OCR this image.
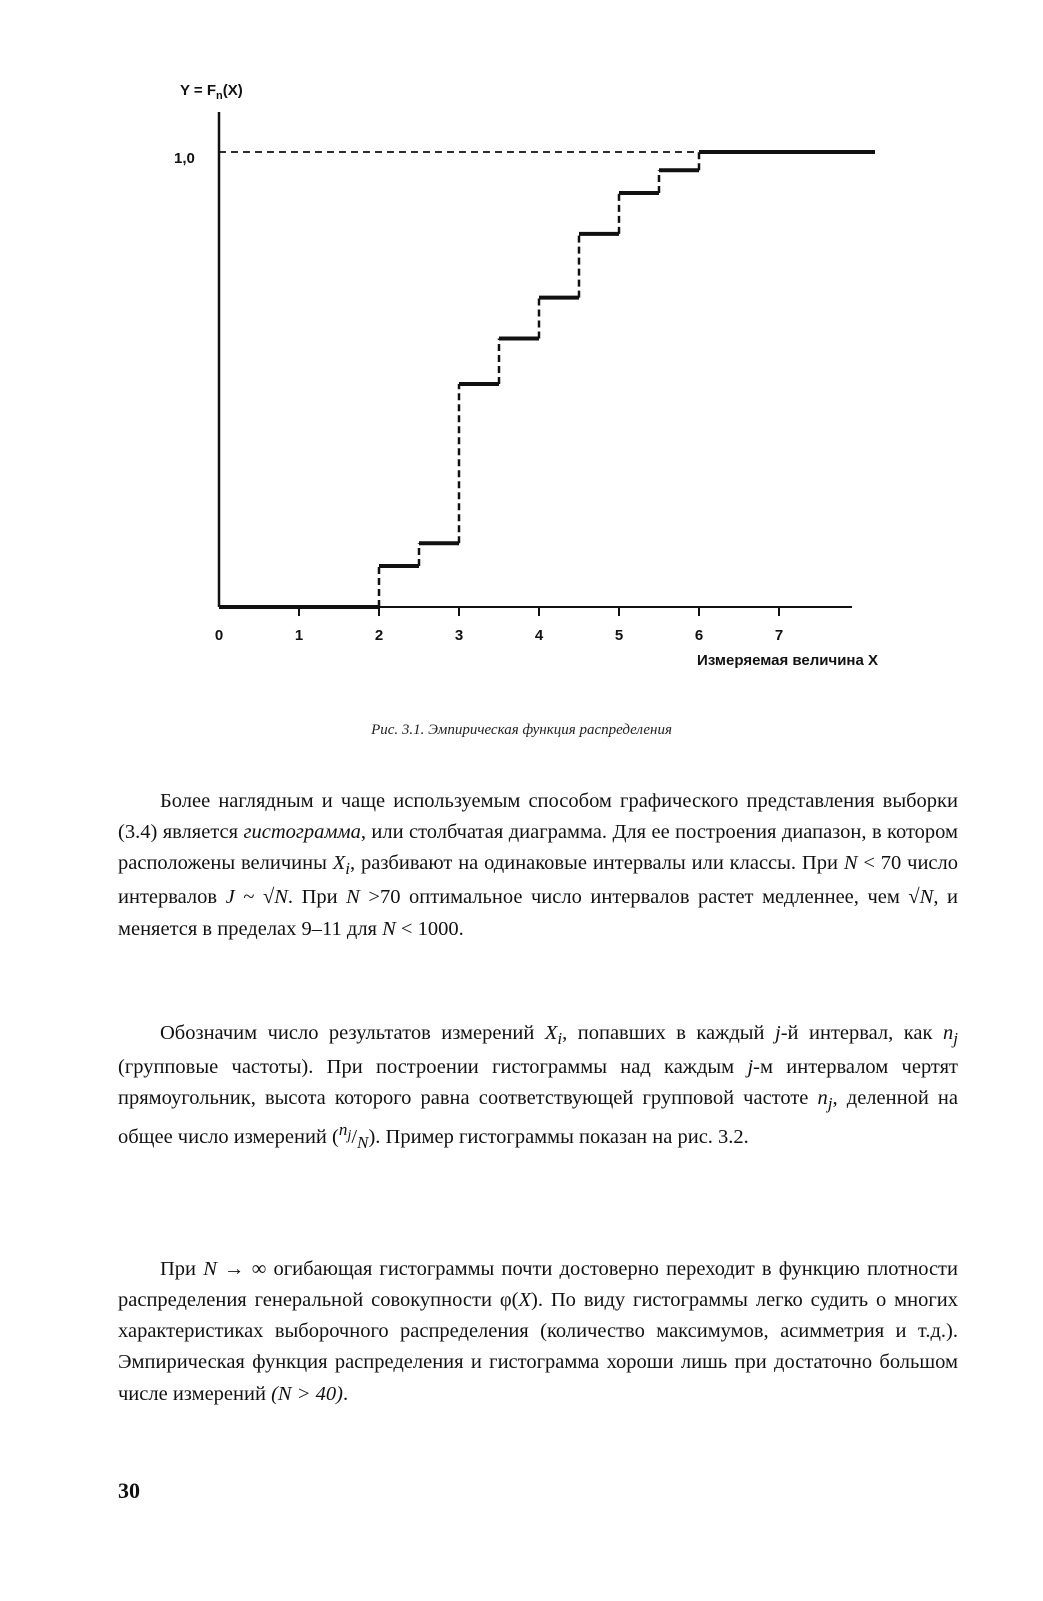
0	1	2	3	4	5	6	7
$Y = F_n(X)$
1,0
Измеряемая величина X
Рис. 3.1. Эмпирическая функция распределения

Более наглядным и чаще используемым способом графического представления выборки (3.4) является гистограмма, или столбчатая диаграмма. Для ее построения диапазон, в котором расположены величины $X_i$, разбивают на одинаковые интервалы или классы. При N < 70 число интервалов J ~ √N. При N >70 оптимальное число интервалов растет медленнее, чем √N, и меняется в пределах 9–11 для N < 1000.

Обозначим число результатов измерений $X_i$, попавших в каждый j-й интервал, как $n_j$ (групповые частоты). При построении гистограммы над каждым j-м интервалом чертят прямоугольник, высота которого равна соответствующей групповой частоте $n_j$, деленной на общее число измерений $(^{n_j}/_N)$. Пример гистограммы показан на рис. 3.2.

При N → ∞ огибающая гистограммы почти достоверно переходит в функцию плотности распределения генеральной совокупности φ(X). По виду гистограммы легко судить о многих характеристиках выборочного распределения (количество максимумов, асимметрия и т.д.). Эмпирическая функция распределения и гистограмма хороши лишь при достаточно большом числе измерений (N > 40).

30
